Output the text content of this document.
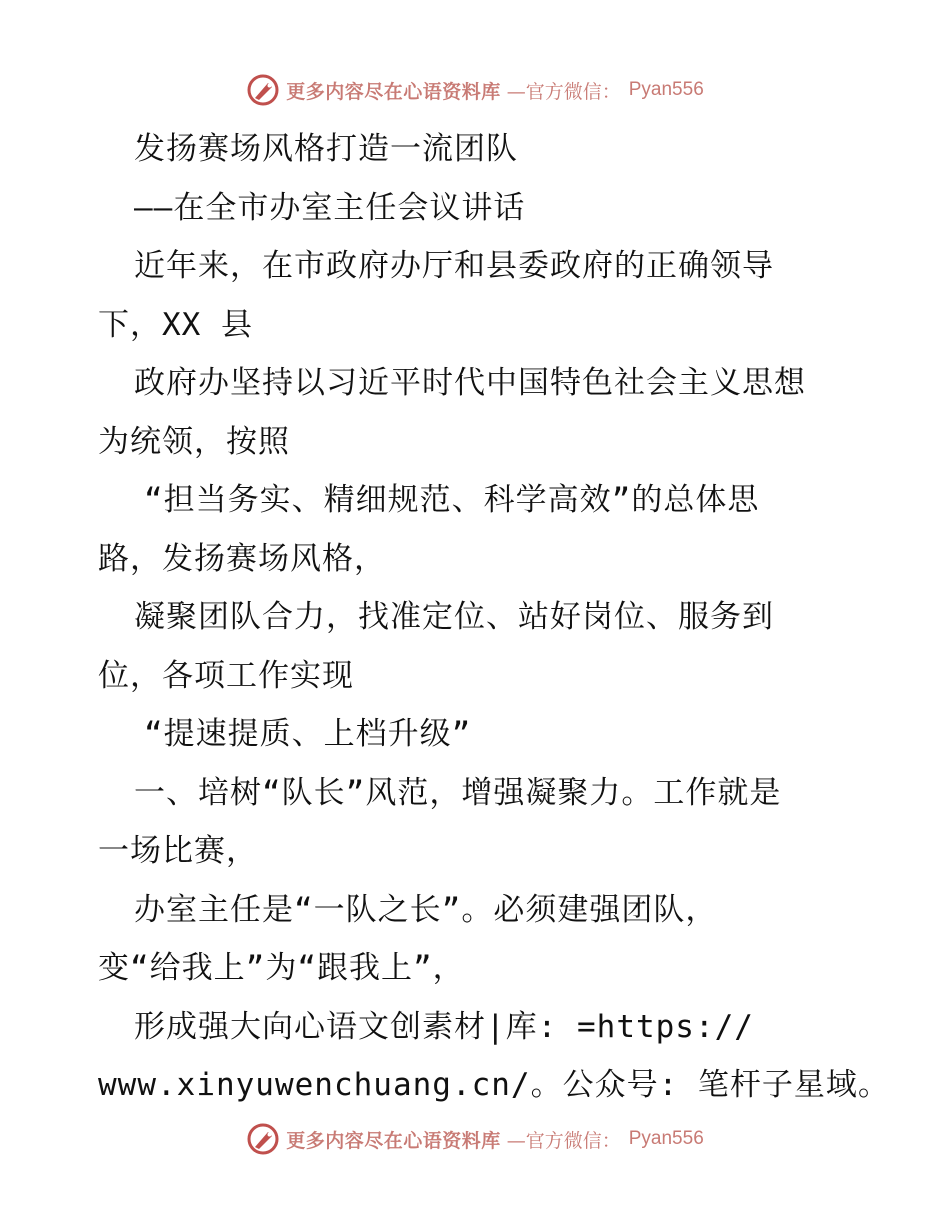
更多内容尽在心语资料库 —官方微信： Pyan556
发扬赛场风格打造一流团队
——在全市办室主任会议讲话
近年来，在市政府办厅和县委政府的正确领导
下，XX 县
政府办坚持以习近平时代中国特色社会主义思想
为统领，按照
“担当务实、精细规范、科学高效”的总体思
路，发扬赛场风格，
凝聚团队合力，找准定位、站好岗位、服务到
位，各项工作实现
“提速提质、上档升级”
一、培树“队长”风范，增强凝聚力。工作就是
一场比赛，
办室主任是“一队之长”。必须建强团队，
变“给我上”为“跟我上”，
形成强大向心语文创素材|库: =https://
www.xinyuwenchuang.cn/。公众号: 笔杆子星域。
更多内容尽在心语资料库 —官方微信： Pyan556
